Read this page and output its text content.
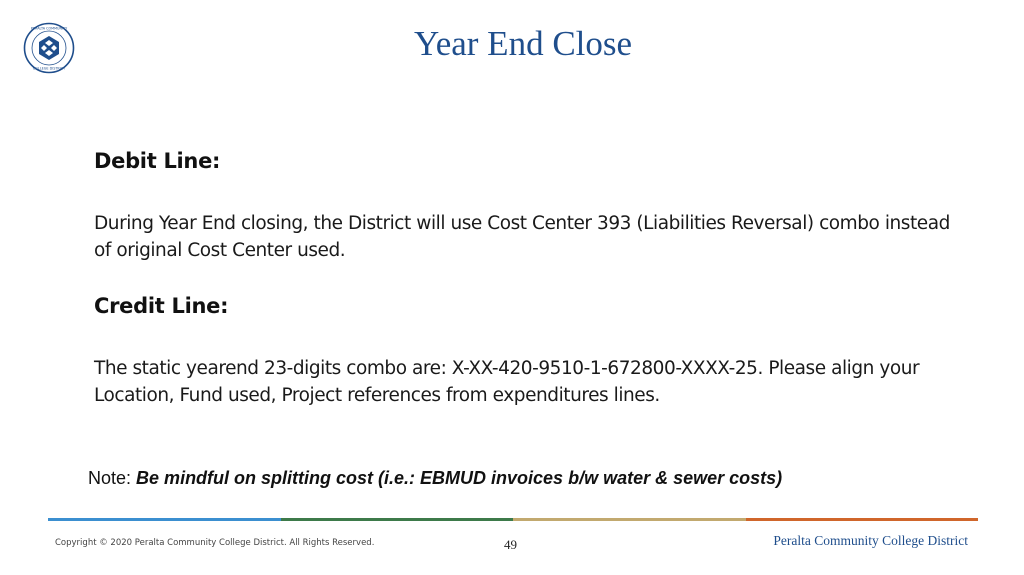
PERALTA COMMUNITY
COLLEGE DISTRICT
Year End Close
Debit Line:
During Year End closing, the District will use Cost Center 393 (Liabilities Reversal) combo instead of original Cost Center used.
Credit Line:
The static yearend 23-digits combo are: X-XX-420-9510-1-672800-XXXX-25. Please align your Location, Fund used, Project references from expenditures lines.
Note: Be mindful on splitting cost (i.e.: EBMUD invoices b/w water & sewer costs)
Copyright © 2020 Peralta Community College District. All Rights Reserved.	49	Peralta Community College District
